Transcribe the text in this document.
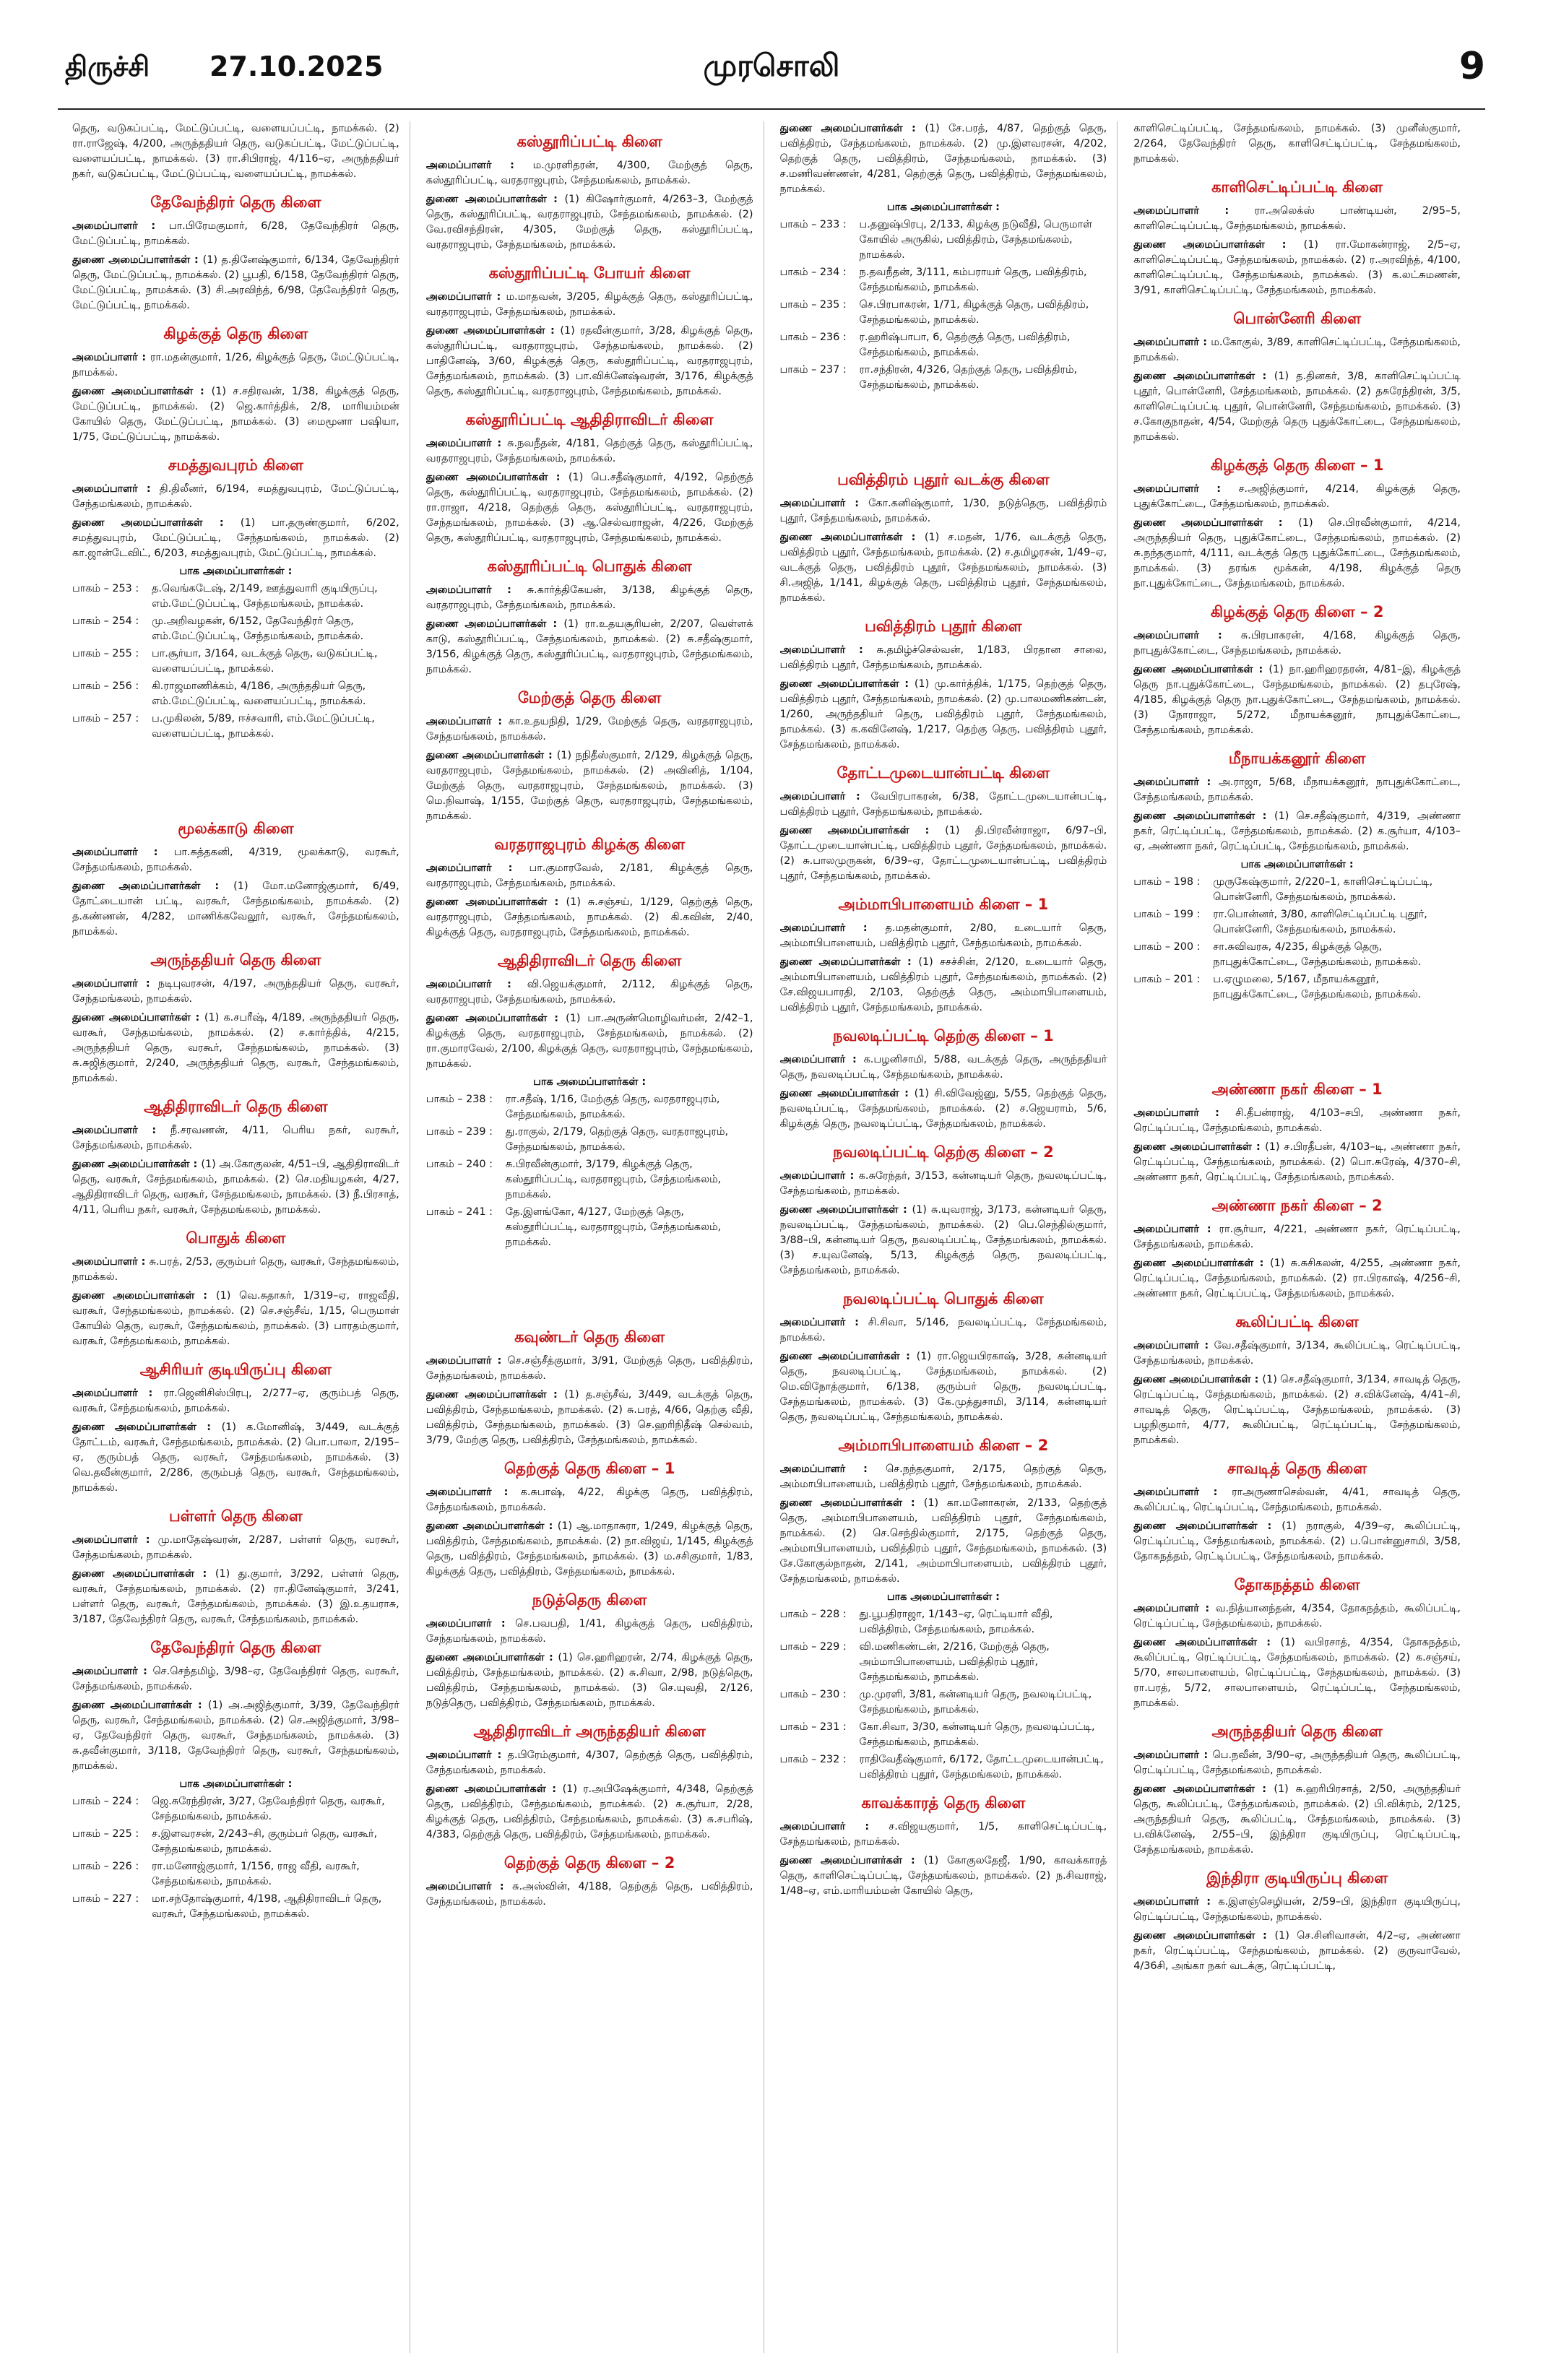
திருச்சி 27.10.2025	முரசொலி	9
தெரு, வடுகப்பட்டி, மேட்டுப்பட்டி, வளையப்பட்டி, நாமக்கல். (2) ரா.ராஜேஷ், 4/200, அருந்ததியர் தெரு, வடுகப்பட்டி, மேட்டுப்பட்டி, வளையப்பட்டி, நாமக்கல். (3) ரா.சிபிராஜ், 4/116–ஏ, அருந்ததியர் நகர், வடுகப்பட்டி, மேட்டுப்பட்டி, வளையப்பட்டி, நாமக்கல்.
தேவேந்திரர் தெரு கிளை
அமைப்பாளர் : பா.பிரேமகுமார், 6/28, தேவேந்திரர் தெரு, மேட்டுப்பட்டி, நாமக்கல்.
துணை அமைப்பாளர்கள் : (1) த.தினேஷ்குமார், 6/134, தேவேந்திரர் தெரு, மேட்டுப்பட்டி, நாமக்கல். (2) பூபதி, 6/158, தேவேந்திரர் தெரு, மேட்டுப்பட்டி, நாமக்கல். (3) சி.அரவிந்த், 6/98, தேவேந்திரர் தெரு, மேட்டுப்பட்டி, நாமக்கல்.
கிழக்குத் தெரு கிளை
அமைப்பாளர் : ரா.மதன்குமார், 1/26, கிழக்குத் தெரு, மேட்டுப்பட்டி, நாமக்கல்.
துணை அமைப்பாளர்கள் : (1) ச.சதிரவன், 1/38, கிழக்குத் தெரு, மேட்டுப்பட்டி, நாமக்கல். (2) ஜெ.கார்த்திக், 2/8, மாரியம்மன் கோயில் தெரு, மேட்டுப்பட்டி, நாமக்கல். (3) மைமூனா பஷியா, 1/75, மேட்டுப்பட்டி, நாமக்கல்.
சமத்துவபுரம் கிளை
அமைப்பாளர் : தி.திலீனர், 6/194, சமத்துவபுரம், மேட்டுப்பட்டி, சேந்தமங்கலம், நாமக்கல்.
துணை அமைப்பாளர்கள் : (1) பா.தருண்குமார், 6/202, சமத்துவபுரம், மேட்டுப்பட்டி, சேந்தமங்கலம், நாமக்கல். (2) கா.ஜான்டேவிட், 6/203, சமத்துவபுரம், மேட்டுப்பட்டி, நாமக்கல்.
பாக அமைப்பாளர்கள் :
பாகம் – 253 :	த.வெங்கடேஷ், 2/149, ஊத்துவாரி குடியிருப்பு, எம்.மேட்டுப்பட்டி, சேந்தமங்கலம், நாமக்கல்.
பாகம் – 254 :	மு.அறிவழகன், 6/152, தேவேந்திரர் தெரு, எம்.மேட்டுப்பட்டி, சேந்தமங்கலம், நாமக்கல்.
பாகம் – 255 :	பா.சூர்யா, 3/164, வடக்குத் தெரு, வடுகப்பட்டி, வளையப்பட்டி, நாமக்கல்.
பாகம் – 256 :	கி.ராஜமாணிக்கம், 4/186, அருந்ததியர் தெரு, எம்.மேட்டுப்பட்டி, வளையப்பட்டி, நாமக்கல்.
பாகம் – 257 :	ப.முகிலன், 5/89, ஈச்சவாரி, எம்.மேட்டுப்பட்டி, வளையப்பட்டி, நாமக்கல்.
மூலக்காடு கிளை
அமைப்பாளர் : பா.சுத்தகனி, 4/319, மூலக்காடு, வரகூர், சேந்தமங்கலம், நாமக்கல்.
துணை அமைப்பாளர்கள் : (1) மோ.மனோஜ்குமார், 6/49, தோட்டையான் பட்டி, வரகூர், சேந்தமங்கலம், நாமக்கல். (2) த.கண்ணன், 4/282, மாணிக்கவேலூர், வரகூர், சேந்தமங்கலம், நாமக்கல்.
அருந்ததியர் தெரு கிளை
அமைப்பாளர் : நடிபுவரசன், 4/197, அருந்ததியர் தெரு, வரகூர், சேந்தமங்கலம், நாமக்கல்.
துணை அமைப்பாளர்கள் : (1) க.சபரீஷ், 4/189, அருந்ததியர் தெரு, வரகூர், சேந்தமங்கலம், நாமக்கல். (2) ச.கார்த்திக், 4/215, அருந்ததியர் தெரு, வரகூர், சேந்தமங்கலம், நாமக்கல். (3) சு.சுஜித்குமார், 2/240, அருந்ததியர் தெரு, வரகூர், சேந்தமங்கலம், நாமக்கல்.
ஆதிதிராவிடர் தெரு கிளை
அமைப்பாளர் : நீ.சரவணன், 4/11, பெரிய நகர், வரகூர், சேந்தமங்கலம், நாமக்கல்.
துணை அமைப்பாளர்கள் : (1) அ.கோகுலன், 4/51–பி, ஆதிதிராவிடர் தெரு, வரகூர், சேந்தமங்கலம், நாமக்கல். (2) செ.மதியழகன், 4/27, ஆதிதிராவிடர் தெரு, வரகூர், சேந்தமங்கலம், நாமக்கல். (3) நீ.பிரசாத், 4/11, பெரிய நகர், வரகூர், சேந்தமங்கலம், நாமக்கல்.
பொதுக் கிளை
அமைப்பாளர் : சு.பரத், 2/53, குரும்பர் தெரு, வரகூர், சேந்தமங்கலம், நாமக்கல்.
துணை அமைப்பாளர்கள் : (1) வெ.சுதாகர், 1/319–ஏ, ராஜவீதி, வரகூர், சேந்தமங்கலம், நாமக்கல். (2) செ.சஞ்சீவ், 1/15, பெருமாள் கோயில் தெரு, வரகூர், சேந்தமங்கலம், நாமக்கல். (3) பாரதம்குமார், வரகூர், சேந்தமங்கலம், நாமக்கல்.
ஆசிரியர் குடியிருப்பு கிளை
அமைப்பாளர் : ரா.ஜெனிசிஸ்பிரபு, 2/277–ஏ, குரும்பத் தெரு, வரகூர், சேந்தமங்கலம், நாமக்கல்.
துணை அமைப்பாளர்கள் : (1) க.மோனிஷ், 3/449, வடக்குத் தோட்டம், வரகூர், சேந்தமங்கலம், நாமக்கல். (2) பொ.பாலா, 2/195–ஏ, குரும்பத் தெரு, வரகூர், சேந்தமங்கலம், நாமக்கல். (3) வெ.தவீன்குமார், 2/286, குரும்பத் தெரு, வரகூர், சேந்தமங்கலம், நாமக்கல்.
பள்ளர் தெரு கிளை
அமைப்பாளர் : மு.மாதேஷ்வரன், 2/287, பள்ளர் தெரு, வரகூர், சேந்தமங்கலம், நாமக்கல்.
துணை அமைப்பாளர்கள் : (1) து.குமார், 3/292, பள்ளர் தெரு, வரகூர், சேந்தமங்கலம், நாமக்கல். (2) ரா.தினேஷ்குமார், 3/241, பள்ளர் தெரு, வரகூர், சேந்தமங்கலம், நாமக்கல். (3) இ.உதயராசு, 3/187, தேவேந்திரர் தெரு, வரகூர், சேந்தமங்கலம், நாமக்கல்.
தேவேந்திரர் தெரு கிளை
அமைப்பாளர் : செ.செந்தமிழ், 3/98–ஏ, தேவேந்திரர் தெரு, வரகூர், சேந்தமங்கலம், நாமக்கல்.
துணை அமைப்பாளர்கள் : (1) அ.அஜித்குமார், 3/39, தேவேந்திரர் தெரு, வரகூர், சேந்தமங்கலம், நாமக்கல். (2) செ.அஜித்குமார், 3/98–ஏ, தேவேந்திரர் தெரு, வரகூர், சேந்தமங்கலம், நாமக்கல். (3) சு.தவீன்குமார், 3/118, தேவேந்திரர் தெரு, வரகூர், சேந்தமங்கலம், நாமக்கல்.
பாக அமைப்பாளர்கள் :
பாகம் – 224 :	ஜெ.சுரேந்திரன், 3/27, தேவேந்திரர் தெரு, வரகூர், சேந்தமங்கலம், நாமக்கல்.
பாகம் – 225 :	ச.இளவரசன், 2/243–சி, குரும்பர் தெரு, வரகூர், சேந்தமங்கலம், நாமக்கல்.
பாகம் – 226 :	ரா.மனோஜ்குமார், 1/156, ராஜ வீதி, வரகூர், சேந்தமங்கலம், நாமக்கல்.
பாகம் – 227 :	மா.சந்தோஷ்குமார், 4/198, ஆதிதிராவிடர் தெரு, வரகூர், சேந்தமங்கலம், நாமக்கல்.
கஸ்தூரிப்பட்டி கிளை
அமைப்பாளர் : ம.முரளிதரன், 4/300, மேற்குத் தெரு, கஸ்தூரிப்பட்டி, வரதராஜபுரம், சேந்தமங்கலம், நாமக்கல்.
துணை அமைப்பாளர்கள் : (1) கிஷோர்குமார், 4/263–3, மேற்குத் தெரு, கஸ்தூரிப்பட்டி, வரதராஜபுரம், சேந்தமங்கலம், நாமக்கல். (2) வே.ரவிசந்திரன், 4/305, மேற்குத் தெரு, கஸ்தூரிப்பட்டி, வரதராஜபுரம், சேந்தமங்கலம், நாமக்கல்.
கஸ்தூரிப்பட்டி போயர் கிளை
அமைப்பாளர் : ம.மாதவன், 3/205, கிழக்குத் தெரு, கஸ்தூரிப்பட்டி, வரதராஜபுரம், சேந்தமங்கலம், நாமக்கல்.
துணை அமைப்பாளர்கள் : (1) ரதவீன்குமார், 3/28, கிழக்குத் தெரு, கஸ்தூரிப்பட்டி, வரதராஜபுரம், சேந்தமங்கலம், நாமக்கல். (2) பாதினேஷ், 3/60, கிழக்குத் தெரு, கஸ்தூரிப்பட்டி, வரதராஜபுரம், சேந்தமங்கலம், நாமக்கல். (3) பா.விக்னேஷ்வரன், 3/176, கிழக்குத் தெரு, கஸ்தூரிப்பட்டி, வரதராஜபுரம், சேந்தமங்கலம், நாமக்கல்.
கஸ்தூரிப்பட்டி ஆதிதிராவிடர் கிளை
அமைப்பாளர் : சு.நவநீதன், 4/181, தெற்குத் தெரு, கஸ்தூரிப்பட்டி, வரதராஜபுரம், சேந்தமங்கலம், நாமக்கல்.
துணை அமைப்பாளர்கள் : (1) பெ.சதீஷ்குமார், 4/192, தெற்குத் தெரு, கஸ்தூரிப்பட்டி, வரதராஜபுரம், சேந்தமங்கலம், நாமக்கல். (2) ரா.ராஜா, 4/218, தெற்குத் தெரு, கஸ்தூரிப்பட்டி, வரதராஜபுரம், சேந்தமங்கலம், நாமக்கல். (3) ஆ.செல்வராஜன், 4/226, மேற்குத் தெரு, கஸ்தூரிப்பட்டி, வரதராஜபுரம், சேந்தமங்கலம், நாமக்கல்.
கஸ்தூரிப்பட்டி பொதுக் கிளை
அமைப்பாளர் : சு.கார்த்திகேயன், 3/138, கிழக்குத் தெரு, வரதராஜபுரம், சேந்தமங்கலம், நாமக்கல்.
துணை அமைப்பாளர்கள் : (1) ரா.உதயசூரியன், 2/207, வெள்ளக் காடு, கஸ்தூரிப்பட்டி, சேந்தமங்கலம், நாமக்கல். (2) சு.சதீஷ்குமார், 3/156, கிழக்குத் தெரு, கஸ்தூரிப்பட்டி, வரதராஜபுரம், சேந்தமங்கலம், நாமக்கல்.
மேற்குத் தெரு கிளை
அமைப்பாளர் : கா.உதயநிதி, 1/29, மேற்குத் தெரு, வரதராஜபுரம், சேந்தமங்கலம், நாமக்கல்.
துணை அமைப்பாளர்கள் : (1) நநிதீஸ்குமார், 2/129, கிழக்குத் தெரு, வரதராஜபுரம், சேந்தமங்கலம், நாமக்கல். (2) அவினித், 1/104, மேற்குத் தெரு, வரதராஜபுரம், சேந்தமங்கலம், நாமக்கல். (3) மெ.நிவாஷ், 1/155, மேற்குத் தெரு, வரதராஜபுரம், சேந்தமங்கலம், நாமக்கல்.
வரதராஜபுரம் கிழக்கு கிளை
அமைப்பாளர் : பா.குமாரவேல், 2/181, கிழக்குத் தெரு, வரதராஜபுரம், சேந்தமங்கலம், நாமக்கல்.
துணை அமைப்பாளர்கள் : (1) சு.சஞ்சய், 1/129, தெற்குத் தெரு, வரதராஜபுரம், சேந்தமங்கலம், நாமக்கல். (2) கி.கவின், 2/40, கிழக்குத் தெரு, வரதராஜபுரம், சேந்தமங்கலம், நாமக்கல்.
ஆதிதிராவிடர் தெரு கிளை
அமைப்பாளர் : வி.ஜெயக்குமார், 2/112, கிழக்குத் தெரு, வரதராஜபுரம், சேந்தமங்கலம், நாமக்கல்.
துணை அமைப்பாளர்கள் : (1) பா.அருண்மொழிவர்மன், 2/42–1, கிழக்குத் தெரு, வரதராஜபுரம், சேந்தமங்கலம், நாமக்கல். (2) ரா.குமாரவேல், 2/100, கிழக்குத் தெரு, வரதராஜபுரம், சேந்தமங்கலம், நாமக்கல்.
பாக அமைப்பாளர்கள் :
பாகம் – 238 :	ரா.சதீஷ், 1/16, மேற்குத் தெரு, வரதராஜபுரம், சேந்தமங்கலம், நாமக்கல்.
பாகம் – 239 :	து.ராகுல், 2/179, தெற்குத் தெரு, வரதராஜபுரம், சேந்தமங்கலம், நாமக்கல்.
பாகம் – 240 :	சு.பிரவீன்குமார், 3/179, கிழக்குத் தெரு, கஸ்தூரிப்பட்டி, வரதராஜபுரம், சேந்தமங்கலம், நாமக்கல்.
பாகம் – 241 :	தே.இளங்கோ, 4/127, மேற்குத் தெரு, கஸ்தூரிப்பட்டி, வரதராஜபுரம், சேந்தமங்கலம், நாமக்கல்.
கவுண்டர் தெரு கிளை
அமைப்பாளர் : செ.சஞ்சீத்குமார், 3/91, மேற்குத் தெரு, பவித்திரம், சேந்தமங்கலம், நாமக்கல்.
துணை அமைப்பாளர்கள் : (1) த.சஞ்சீவ், 3/449, வடக்குத் தெரு, பவித்திரம், சேந்தமங்கலம், நாமக்கல். (2) சு.பரத், 4/66, தெற்கு வீதி, பவித்திரம், சேந்தமங்கலம், நாமக்கல். (3) செ.ஹரிநிதீஷ் செல்வம், 3/79, மேற்கு தெரு, பவித்திரம், சேந்தமங்கலம், நாமக்கல்.
தெற்குத் தெரு கிளை – 1
அமைப்பாளர் : க.சுபாஷ், 4/22, கிழக்கு தெரு, பவித்திரம், சேந்தமங்கலம், நாமக்கல்.
துணை அமைப்பாளர்கள் : (1) ஆ.மாதாசுரா, 1/249, கிழக்குத் தெரு, பவித்திரம், சேந்தமங்கலம், நாமக்கல். (2) நா.விஜய், 1/145, கிழக்குத் தெரு, பவித்திரம், சேந்தமங்கலம், நாமக்கல். (3) ம.சசிகுமார், 1/83, கிழக்குத் தெரு, பவித்திரம், சேந்தமங்கலம், நாமக்கல்.
நடுத்தெரு கிளை
அமைப்பாளர் : செ.பவபதி, 1/41, கிழக்குத் தெரு, பவித்திரம், சேந்தமங்கலம், நாமக்கல்.
துணை அமைப்பாளர்கள் : (1) செ.ஹரிஹரன், 2/74, கிழக்குத் தெரு, பவித்திரம், சேந்தமங்கலம், நாமக்கல். (2) சு.சிவா, 2/98, நடுத்தெரு, பவித்திரம், சேந்தமங்கலம், நாமக்கல். (3) செ.யுவதி, 2/126, நடுத்தெரு, பவித்திரம், சேந்தமங்கலம், நாமக்கல்.
ஆதிதிராவிடர் அருந்ததியர் கிளை
அமைப்பாளர் : த.பிரேம்குமார், 4/307, தெற்குத் தெரு, பவித்திரம், சேந்தமங்கலம், நாமக்கல்.
துணை அமைப்பாளர்கள் : (1) ர.அபிஷேக்குமார், 4/348, தெற்குத் தெரு, பவித்திரம், சேந்தமங்கலம், நாமக்கல். (2) சு.சூர்யா, 2/28, கிழக்குத் தெரு, பவித்திரம், சேந்தமங்கலம், நாமக்கல். (3) சு.சபரிஷ், 4/383, தெற்குத் தெரு, பவித்திரம், சேந்தமங்கலம், நாமக்கல்.
தெற்குத் தெரு கிளை – 2
அமைப்பாளர் : சு.அஸ்வின், 4/188, தெற்குத் தெரு, பவித்திரம், சேந்தமங்கலம், நாமக்கல்.
துணை அமைப்பாளர்கள் : (1) சே.பரத், 4/87, தெற்குத் தெரு, பவித்திரம், சேந்தமங்கலம், நாமக்கல். (2) மு.இளவரசன், 4/202, தெற்குத் தெரு, பவித்திரம், சேந்தமங்கலம், நாமக்கல். (3) ச.மணிவண்ணன், 4/281, தெற்குத் தெரு, பவித்திரம், சேந்தமங்கலம், நாமக்கல்.
பாக அமைப்பாளர்கள் :
பாகம் – 233 :	ப.தனுஷ்பிரபு, 2/133, கிழக்கு நடுவீதி, பெருமாள் கோயில் அருகில், பவித்திரம், சேந்தமங்கலம், நாமக்கல்.
பாகம் – 234 :	ந.தவநீதன், 3/111, கம்பராயர் தெரு, பவித்திரம், சேந்தமங்கலம், நாமக்கல்.
பாகம் – 235 :	செ.பிரபாகரன், 1/71, கிழக்குத் தெரு, பவித்திரம், சேந்தமங்கலம், நாமக்கல்.
பாகம் – 236 :	ர.ஹரிஷ்பாபா, 6, தெற்குத் தெரு, பவித்திரம், சேந்தமங்கலம், நாமக்கல்.
பாகம் – 237 :	ரா.சந்திரன், 4/326, தெற்குத் தெரு, பவித்திரம், சேந்தமங்கலம், நாமக்கல்.
பவித்திரம் புதூர் வடக்கு கிளை
அமைப்பாளர் : கோ.கனிஷ்குமார், 1/30, நடுத்தெரு, பவித்திரம் புதூர், சேந்தமங்கலம், நாமக்கல்.
துணை அமைப்பாளர்கள் : (1) ச.மதன், 1/76, வடக்குத் தெரு, பவித்திரம் புதூர், சேந்தமங்கலம், நாமக்கல். (2) ச.தமிழரசன், 1/49–ஏ, வடக்குத் தெரு, பவித்திரம் புதூர், சேந்தமங்கலம், நாமக்கல். (3) சி.அஜித், 1/141, கிழக்குத் தெரு, பவித்திரம் புதூர், சேந்தமங்கலம், நாமக்கல்.
பவித்திரம் புதூர் கிளை
அமைப்பாளர் : சு.தமிழ்ச்செல்வன், 1/183, பிரதான சாலை, பவித்திரம் புதூர், சேந்தமங்கலம், நாமக்கல்.
துணை அமைப்பாளர்கள் : (1) மு.கார்த்திக், 1/175, தெற்குத் தெரு, பவித்திரம் புதூர், சேந்தமங்கலம், நாமக்கல். (2) மு.பாலமணிகண்டன், 1/260, அருந்ததியர் தெரு, பவித்திரம் புதூர், சேந்தமங்கலம், நாமக்கல். (3) க.கவினேஷ், 1/217, தெற்கு தெரு, பவித்திரம் புதூர், சேந்தமங்கலம், நாமக்கல்.
தோட்டமுடையான்பட்டி கிளை
அமைப்பாளர் : வேபிரபாகரன், 6/38, தோட்டமுடையான்பட்டி, பவித்திரம் புதூர், சேந்தமங்கலம், நாமக்கல்.
துணை அமைப்பாளர்கள் : (1) தி.பிரவீன்ராஜா, 6/97–பி, தோட்டமுடையான்பட்டி, பவித்திரம் புதூர், சேந்தமங்கலம், நாமக்கல். (2) சு.பாலமுருகன், 6/39–ஏ, தோட்டமுடையான்பட்டி, பவித்திரம் புதூர், சேந்தமங்கலம், நாமக்கல்.
அம்மாபிபாளையம் கிளை – 1
அமைப்பாளர் : த.மதன்குமார், 2/80, உடையார் தெரு, அம்மாபிபாளையம், பவித்திரம் புதூர், சேந்தமங்கலம், நாமக்கல்.
துணை அமைப்பாளர்கள் : (1) சசச்சின், 2/120, உடையார் தெரு, அம்மாபிபாளையம், பவித்திரம் புதூர், சேந்தமங்கலம், நாமக்கல். (2) சே.விஜயபாரதி, 2/103, தெற்குத் தெரு, அம்மாபிபாளையம், பவித்திரம் புதூர், சேந்தமங்கலம், நாமக்கல்.
நவலடிப்பட்டி தெற்கு கிளை – 1
அமைப்பாளர் : க.பழனிசாமி, 5/88, வடக்குத் தெரு, அருந்ததியர் தெரு, நவலடிப்பட்டி, சேந்தமங்கலம், நாமக்கல்.
துணை அமைப்பாளர்கள் : (1) சி.விவேஜ்னு, 5/55, தெற்குத் தெரு, நவலடிப்பட்டி, சேந்தமங்கலம், நாமக்கல். (2) ச.ஜெயராம், 5/6, கிழக்குத் தெரு, நவலடிப்பட்டி, சேந்தமங்கலம், நாமக்கல்.
நவலடிப்பட்டி தெற்கு கிளை – 2
அமைப்பாளர் : க.சுரேந்தர், 3/153, கன்னடியர் தெரு, நவலடிப்பட்டி, சேந்தமங்கலம், நாமக்கல்.
துணை அமைப்பாளர்கள் : (1) சு.யுவராஜ், 3/173, கன்னடியர் தெரு, நவலடிப்பட்டி, சேந்தமங்கலம், நாமக்கல். (2) பெ.செந்தில்குமார், 3/88–பி, கன்னடியர் தெரு, நவலடிப்பட்டி, சேந்தமங்கலம், நாமக்கல். (3) ச.யுவனேஷ், 5/13, கிழக்குத் தெரு, நவலடிப்பட்டி, சேந்தமங்கலம், நாமக்கல்.
நவலடிப்பட்டி பொதுக் கிளை
அமைப்பாளர் : சி.சிவா, 5/146, நவலடிப்பட்டி, சேந்தமங்கலம், நாமக்கல்.
துணை அமைப்பாளர்கள் : (1) ரா.ஜெயபிரகாஷ், 3/28, கன்னடியர் தெரு, நவலடிப்பட்டி, சேந்தமங்கலம், நாமக்கல். (2) மெ.விநோத்குமார், 6/138, குரும்பர் தெரு, நவலடிப்பட்டி, சேந்தமங்கலம், நாமக்கல். (3) கே.முத்துசாமி, 3/114, கன்னடியர் தெரு, நவலடிப்பட்டி, சேந்தமங்கலம், நாமக்கல்.
அம்மாபிபாளையம் கிளை – 2
அமைப்பாளர் : செ.நந்தகுமார், 2/175, தெற்குத் தெரு, அம்மாபிபாளையம், பவித்திரம் புதூர், சேந்தமங்கலம், நாமக்கல்.
துணை அமைப்பாளர்கள் : (1) கா.மனோகரன், 2/133, தெற்குத் தெரு, அம்மாபிபாளையம், பவித்திரம் புதூர், சேந்தமங்கலம், நாமக்கல். (2) செ.செந்தில்குமார், 2/175, தெற்குத் தெரு, அம்மாபிபாளையம், பவித்திரம் புதூர், சேந்தமங்கலம், நாமக்கல். (3) சே.கோகுல்நாதன், 2/141, அம்மாபிபாளையம், பவித்திரம் புதூர், சேந்தமங்கலம், நாமக்கல்.
பாக அமைப்பாளர்கள் :
பாகம் – 228 :	து.பூபதிராஜா, 1/143–ஏ, ரெட்டியார் வீதி, பவித்திரம், சேந்தமங்கலம், நாமக்கல்.
பாகம் – 229 :	வி.மணிகண்டன், 2/216, மேற்குத் தெரு, அம்மாபிபாளையம், பவித்திரம் புதூர், சேந்தமங்கலம், நாமக்கல்.
பாகம் – 230 :	மு.முரளி, 3/81, கன்னடியர் தெரு, நவலடிப்பட்டி, சேந்தமங்கலம், நாமக்கல்.
பாகம் – 231 :	கோ.சிவா, 3/30, கன்னடியர் தெரு, நவலடிப்பட்டி, சேந்தமங்கலம், நாமக்கல்.
பாகம் – 232 :	ராதிவேதீஷ்குமார், 6/172, தோட்டமுடையான்பட்டி, பவித்திரம் புதூர், சேந்தமங்கலம், நாமக்கல்.
காவக்காரத் தெரு கிளை
அமைப்பாளர் : ச.விஜயகுமார், 1/5, காளிசெட்டிப்பட்டி, சேந்தமங்கலம், நாமக்கல்.
துணை அமைப்பாளர்கள் : (1) கோகுலதேஜீ, 1/90, காவக்காரத் தெரு, காளிசெட்டிப்பட்டி, சேந்தமங்கலம், நாமக்கல். (2) ந.சிவராஜ், 1/48–ஏ, எம்.மாரியம்மன் கோயில் தெரு,
காளிசெட்டிப்பட்டி, சேந்தமங்கலம், நாமக்கல். (3) முனீஸ்குமார், 2/264, தேவேந்திரர் தெரு, காளிசெட்டிப்பட்டி, சேந்தமங்கலம், நாமக்கல்.
காளிசெட்டிப்பட்டி கிளை
அமைப்பாளர் : ரா.அலெக்ஸ் பாண்டியன், 2/95–5, காளிசெட்டிப்பட்டி, சேந்தமங்கலம், நாமக்கல்.
துணை அமைப்பாளர்கள் : (1) ரா.மோகன்ராஜ், 2/5–ஏ, காளிசெட்டிப்பட்டி, சேந்தமங்கலம், நாமக்கல். (2) ர.அரவிந்த், 4/100, காளிசெட்டிப்பட்டி, சேந்தமங்கலம், நாமக்கல். (3) க.லட்சுமணன், 3/91, காளிசெட்டிப்பட்டி, சேந்தமங்கலம், நாமக்கல்.
பொன்னேரி கிளை
அமைப்பாளர் : ம.கோகுல், 3/89, காளிசெட்டிப்பட்டி, சேந்தமங்கலம், நாமக்கல்.
துணை அமைப்பாளர்கள் : (1) த.தினகர், 3/8, காளிசெட்டிப்பட்டி புதூர், பொன்னேரி, சேந்தமங்கலம், நாமக்கல். (2) தசுரேந்திரன், 3/5, காளிசெட்டிப்பட்டி புதூர், பொன்னேரி, சேந்தமங்கலம், நாமக்கல். (3) ச.கோகுநாதன், 4/54, மேற்குத் தெரு புதுக்கோட்டை, சேந்தமங்கலம், நாமக்கல்.
கிழக்குத் தெரு கிளை – 1
அமைப்பாளர் : ச.அஜித்குமார், 4/214, கிழக்குத் தெரு, புதுக்கோட்டை, சேந்தமங்கலம், நாமக்கல்.
துணை அமைப்பாளர்கள் : (1) செ.பிரவீன்குமார், 4/214, அருந்ததியர் தெரு, புதுக்கோட்டை, சேந்தமங்கலம், நாமக்கல். (2) சு.நந்தகுமார், 4/111, வடக்குத் தெரு புதுக்கோட்டை, சேந்தமங்கலம், நாமக்கல். (3) தரங்க மூக்கன், 4/198, கிழக்குத் தெரு நா.புதுக்கோட்டை, சேந்தமங்கலம், நாமக்கல்.
கிழக்குத் தெரு கிளை – 2
அமைப்பாளர் : சு.பிரபாகரன், 4/168, கிழக்குத் தெரு, நாபுதுக்கோட்டை, சேந்தமங்கலம், நாமக்கல்.
துணை அமைப்பாளர்கள் : (1) நா.ஹரிஹரதரன், 4/81–இ, கிழக்குத் தெரு நா.புதுக்கோட்டை, சேந்தமங்கலம், நாமக்கல். (2) தபுரேஷ், 4/185, கிழக்குத் தெரு நா.புதுக்கோட்டை, சேந்தமங்கலம், நாமக்கல். (3) நோராஜா, 5/272, மீநாயக்கனூர், நாபுதுக்கோட்டை, சேந்தமங்கலம், நாமக்கல்.
மீநாயக்கனூர் கிளை
அமைப்பாளர் : அ.ராஜா, 5/68, மீநாயக்கனூர், நாபுதுக்கோட்டை, சேந்தமங்கலம், நாமக்கல்.
துணை அமைப்பாளர்கள் : (1) செ.சதீஷ்குமார், 4/319, அண்ணா நகர், ரெட்டிப்பட்டி, சேந்தமங்கலம், நாமக்கல். (2) க.சூர்யா, 4/103–ஏ, அண்ணா நகர், ரெட்டிப்பட்டி, சேந்தமங்கலம், நாமக்கல்.
பாக அமைப்பாளர்கள் :
பாகம் – 198 :	முருகேஷ்குமார், 2/220–1, காளிசெட்டிப்பட்டி, பொன்னேரி, சேந்தமங்கலம், நாமக்கல்.
பாகம் – 199 :	ரா.பொன்னர், 3/80, காளிசெட்டிப்பட்டி புதூர், பொன்னேரி, சேந்தமங்கலம், நாமக்கல்.
பாகம் – 200 :	சா.சுவிவரசு, 4/235, கிழக்குத் தெரு, நாபுதுக்கோட்டை, சேந்தமங்கலம், நாமக்கல்.
பாகம் – 201 :	ப.ஏழுமலை, 5/167, மீநாயக்கனூர், நாபுதுக்கோட்டை, சேந்தமங்கலம், நாமக்கல்.
அண்ணா நகர் கிளை – 1
அமைப்பாளர் : சி.தீபன்ராஜ், 4/103–சபி, அண்ணா நகர், ரெட்டிப்பட்டி, சேந்தமங்கலம், நாமக்கல்.
துணை அமைப்பாளர்கள் : (1) ச.பிரதீபன், 4/103–டி, அண்ணா நகர், ரெட்டிப்பட்டி, சேந்தமங்கலம், நாமக்கல். (2) பொ.சுரேஷ், 4/370–சி, அண்ணா நகர், ரெட்டிப்பட்டி, சேந்தமங்கலம், நாமக்கல்.
அண்ணா நகர் கிளை – 2
அமைப்பாளர் : ரா.சூர்யா, 4/221, அண்ணா நகர், ரெட்டிப்பட்டி, சேந்தமங்கலம், நாமக்கல்.
துணை அமைப்பாளர்கள் : (1) சு.சுசிகலன், 4/255, அண்ணா நகர், ரெட்டிப்பட்டி, சேந்தமங்கலம், நாமக்கல். (2) ரா.பிரகாஷ், 4/256–சி, அண்ணா நகர், ரெட்டிப்பட்டி, சேந்தமங்கலம், நாமக்கல்.
கூலிப்பட்டி கிளை
அமைப்பாளர் : வே.சதீஷ்குமார், 3/134, கூலிப்பட்டி, ரெட்டிப்பட்டி, சேந்தமங்கலம், நாமக்கல்.
துணை அமைப்பாளர்கள் : (1) செ.சதீஷ்குமார், 3/134, சாவடித் தெரு, ரெட்டிப்பட்டி, சேந்தமங்கலம், நாமக்கல். (2) ச.விக்னேஷ், 4/41–சி, சாவடித் தெரு, ரெட்டிப்பட்டி, சேந்தமங்கலம், நாமக்கல். (3) பழநிகுமார், 4/77, கூலிப்பட்டி, ரெட்டிப்பட்டி, சேந்தமங்கலம், நாமக்கல்.
சாவடித் தெரு கிளை
அமைப்பாளர் : ராஅருணாசெல்வன், 4/41, சாவடித் தெரு, கூலிப்பட்டி, ரெட்டிப்பட்டி, சேந்தமங்கலம், நாமக்கல்.
துணை அமைப்பாளர்கள் : (1) நராகுல், 4/39–ஏ, கூலிப்பட்டி, ரெட்டிப்பட்டி, சேந்தமங்கலம், நாமக்கல். (2) ப.பொன்னுசாமி, 3/58, தோகநத்தம், ரெட்டிப்பட்டி, சேந்தமங்கலம், நாமக்கல்.
தோகநத்தம் கிளை
அமைப்பாளர் : வ.நித்யானந்தன், 4/354, தோகநத்தம், கூலிப்பட்டி, ரெட்டிப்பட்டி, சேந்தமங்கலம், நாமக்கல்.
துணை அமைப்பாளர்கள் : (1) வபிரசாத், 4/354, தோகநத்தம், கூலிப்பட்டி, ரெட்டிப்பட்டி, சேந்தமங்கலம், நாமக்கல். (2) க.சஞ்சய், 5/70, சாலபாளையம், ரெட்டிப்பட்டி, சேந்தமங்கலம், நாமக்கல். (3) ரா.பரத், 5/72, சாலபாளையம், ரெட்டிப்பட்டி, சேந்தமங்கலம், நாமக்கல்.
அருந்ததியர் தெரு கிளை
அமைப்பாளர் : பெ.நவீன், 3/90–ஏ, அருந்ததியர் தெரு, கூலிப்பட்டி, ரெட்டிப்பட்டி, சேந்தமங்கலம், நாமக்கல்.
துணை அமைப்பாளர்கள் : (1) சு.ஹரிபிரசாத், 2/50, அருந்ததியர் தெரு, கூலிப்பட்டி, சேந்தமங்கலம், நாமக்கல். (2) பி.விக்ரம், 2/125, அருந்ததியர் தெரு, கூலிப்பட்டி, சேந்தமங்கலம், நாமக்கல். (3) ப.விக்னேஷ், 2/55–பி, இந்திரா குடியிருப்பு, ரெட்டிப்பட்டி, சேந்தமங்கலம், நாமக்கல்.
இந்திரா குடியிருப்பு கிளை
அமைப்பாளர் : க.இளஞ்செழியன், 2/59–பி, இந்திரா குடியிருப்பு, ரெட்டிப்பட்டி, சேந்தமங்கலம், நாமக்கல்.
துணை அமைப்பாளர்கள் : (1) செ.சினிவாசன், 4/2–ஏ, அண்ணா நகர், ரெட்டிப்பட்டி, சேந்தமங்கலம், நாமக்கல். (2) குருவாவேல், 4/36சி, அங்கா நகர் வடக்கு, ரெட்டிப்பட்டி,
